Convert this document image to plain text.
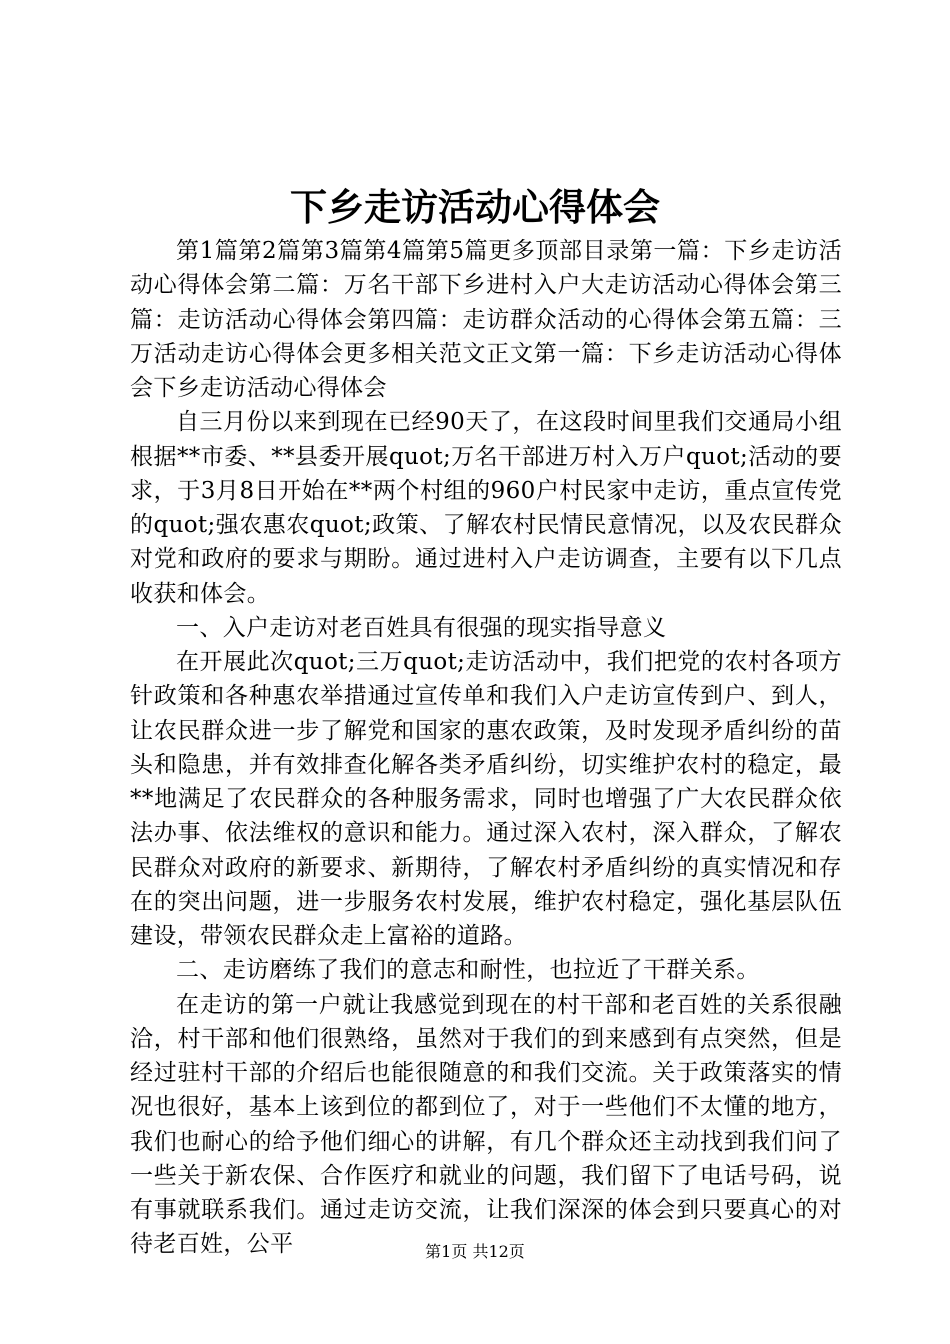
下乡走访活动心得体会

第1篇第2篇第3篇第4篇第5篇更多顶部目录第一篇：下乡走访活动心得体会第二篇：万名干部下乡进村入户大走访活动心得体会第三篇：走访活动心得体会第四篇：走访群众活动的心得体会第五篇：三万活动走访心得体会更多相关范文正文第一篇：下乡走访活动心得体会下乡走访活动心得体会

自三月份以来到现在已经90天了，在这段时间里我们交通局小组根据**市委、**县委开展quot;万名干部进万村入万户quot;活动的要求，于3月8日开始在**两个村组的960户村民家中走访，重点宣传党的quot;强农惠农quot;政策、了解农村民情民意情况，以及农民群众对党和政府的要求与期盼。通过进村入户走访调查，主要有以下几点收获和体会。

一、入户走访对老百姓具有很强的现实指导意义

在开展此次quot;三万quot;走访活动中，我们把党的农村各项方针政策和各种惠农举措通过宣传单和我们入户走访宣传到户、到人，让农民群众进一步了解党和国家的惠农政策，及时发现矛盾纠纷的苗头和隐患，并有效排查化解各类矛盾纠纷，切实维护农村的稳定，最**地满足了农民群众的各种服务需求，同时也增强了广大农民群众依法办事、依法维权的意识和能力。通过深入农村，深入群众，了解农民群众对政府的新要求、新期待，了解农村矛盾纠纷的真实情况和存在的突出问题，进一步服务农村发展，维护农村稳定，强化基层队伍建设，带领农民群众走上富裕的道路。

二、走访磨练了我们的意志和耐性，也拉近了干群关系。

在走访的第一户就让我感觉到现在的村干部和老百姓的关系很融洽，村干部和他们很熟络，虽然对于我们的到来感到有点突然，但是经过驻村干部的介绍后也能很随意的和我们交流。关于政策落实的情况也很好，基本上该到位的都到位了，对于一些他们不太懂的地方，我们也耐心的给予他们细心的讲解，有几个群众还主动找到我们问了一些关于新农保、合作医疗和就业的问题，我们留下了电话号码，说有事就联系我们。通过走访交流，让我们深深的体会到只要真心的对待老百姓，公平	第1页 共12页
